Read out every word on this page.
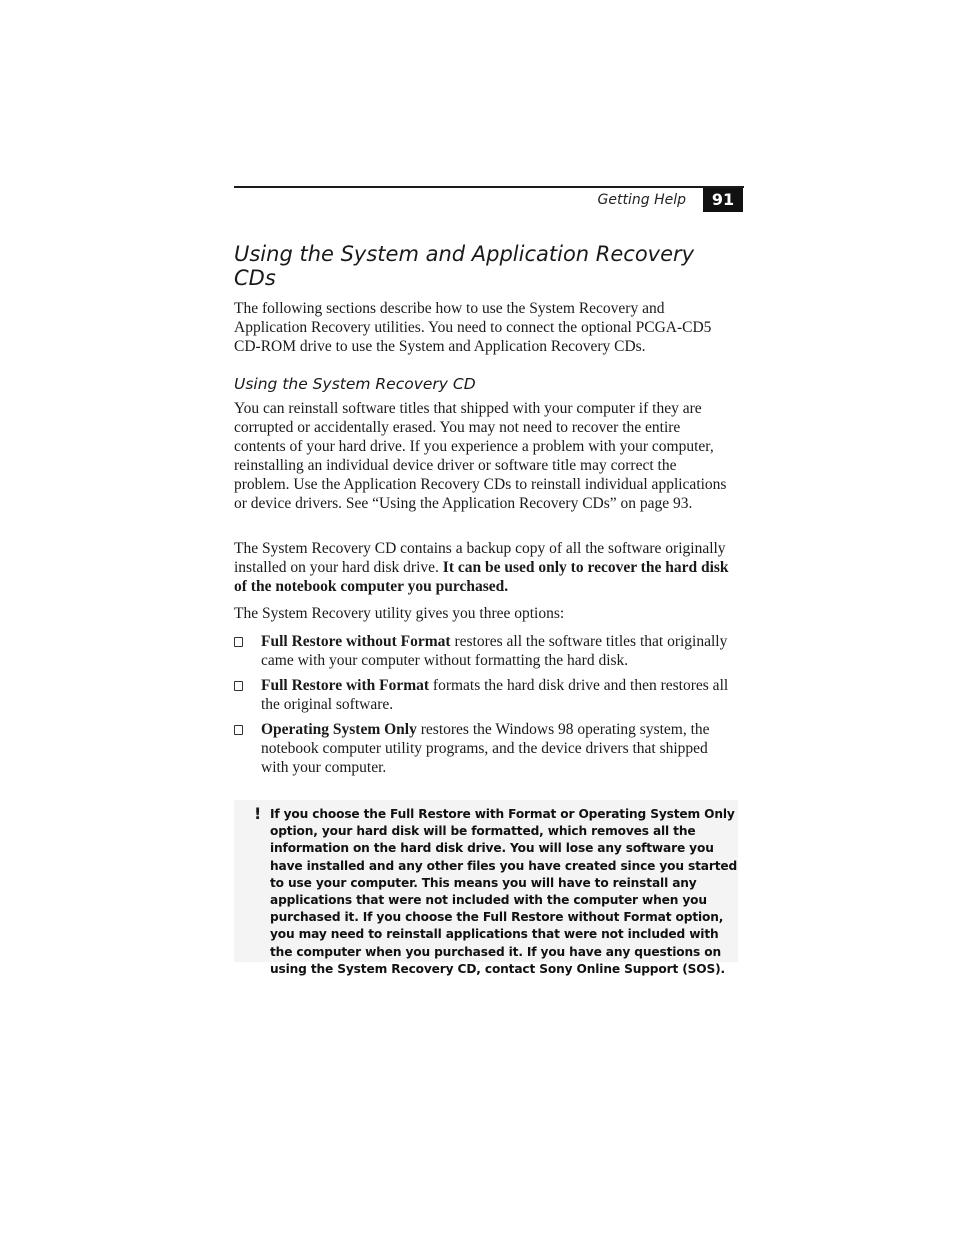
Getting Help	91
Using the System and Application Recovery CDs

The following sections describe how to use the System Recovery and Application Recovery utilities. You need to connect the optional PCGA-CD5 CD-ROM drive to use the System and Application Recovery CDs.

Using the System Recovery CD

You can reinstall software titles that shipped with your computer if they are corrupted or accidentally erased. You may not need to recover the entire contents of your hard drive. If you experience a problem with your computer, reinstalling an individual device driver or software title may correct the problem. Use the Application Recovery CDs to reinstall individual applications or device drivers. See “Using the Application Recovery CDs” on page 93.

The System Recovery CD contains a backup copy of all the software originally installed on your hard disk drive. It can be used only to recover the hard disk of the notebook computer you purchased.

The System Recovery utility gives you three options:

Full Restore without Format restores all the software titles that originally came with your computer without formatting the hard disk.
Full Restore with Format formats the hard disk drive and then restores all the original software.
Operating System Only restores the Windows 98 operating system, the notebook computer utility programs, and the device drivers that shipped with your computer.
! If you choose the Full Restore with Format or Operating System Only option, your hard disk will be formatted, which removes all the information on the hard disk drive. You will lose any software you have installed and any other files you have created since you started to use your computer. This means you will have to reinstall any applications that were not included with the computer when you purchased it. If you choose the Full Restore without Format option, you may need to reinstall applications that were not included with the computer when you purchased it. If you have any questions on using the System Recovery CD, contact Sony Online Support (SOS).
